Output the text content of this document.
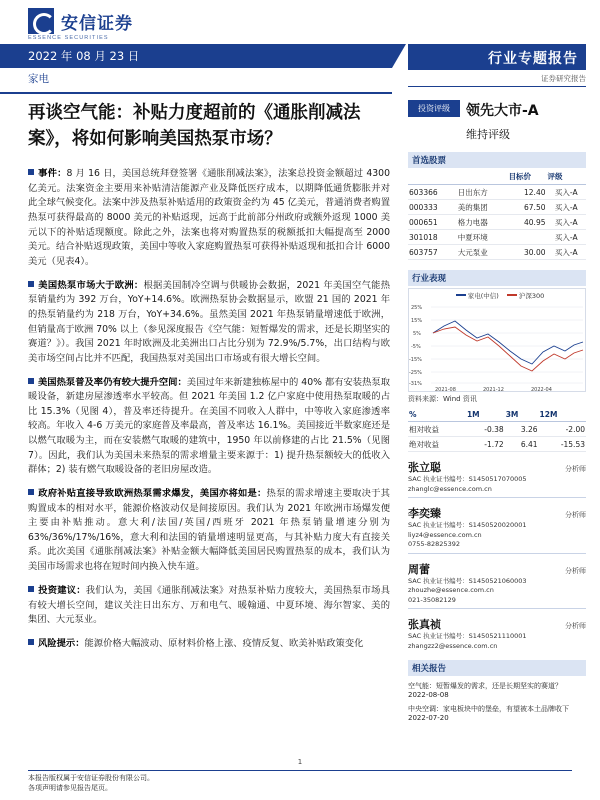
安信证券
ESSENCE SECURITIES
2022 年 08 月 23 日
家电
行业专题报告
证券研究报告
再谈空气能：补贴力度超前的《通胀削减法案》，将如何影响美国热泵市场？

事件：8 月 16 日，美国总统拜登签署《通胀削减法案》，法案总投资金额超过 4300 亿美元。法案资金主要用来补贴清洁能源产业及降低医疗成本，以期降低通货膨胀并对此全球气候变化。法案中涉及热泵补贴适用的政策资金约为 45 亿美元，普通消费者购置热泵可获得最高的 8000 美元的补贴返现，远高于此前部分州政府或额外返现 1000 美元以下的补贴适现额度。除此之外，法案也将对购置热泵的税额抵扣大幅提高至 2000 美元。结合补贴返现政策，美国中等收入家庭购置热泵可获得补贴返现和抵扣合计 6000 美元（见表4）。

美国热泵市场大于欧洲：根据美国制冷空调与供暖协会数据，2021 年美国空气能热泵销量约为 392 万台，YoY+14.6%。欧洲热泵协会数据显示，欧盟 21 国的 2021 年的热泵销量约为 218 万台，YoY+34.6%。虽然美国 2021 年热泵销量增速低于欧洲，但销量高于欧洲 70% 以上（参见深度报告《空气能：短暂爆发的需求，还是长期坚实的赛道？》）。我国 2021 年时欧洲及北美洲出口占比分别为 72.9%/5.7%，出口结构与欧美市场空间占比并不匹配，我国热泵对美国出口市场或有很大增长空间。

美国热泵普及率仍有较大提升空间：美国过年来新建独栋屋中的 40% 都有安装热泵取暖设备，新建房屋渗透率水平较高。但 2021 年美国 1.2 亿户家庭中使用热泵取暖的占比 15.3%（见图 4），普及率还待提升。在美国不同收入人群中，中等收入家庭渗透率较高。年收入 4-6 万美元的家庭普及率最高，普及率达 16.1%。美国接近半数家庭还是以燃气取暖为主，而在安装燃气取暖的建筑中，1950 年以前修建的占比 21.5%（见图 7）。因此，我们认为美国未来热泵的需求增量主要来源于：1) 提升热泵额较大的低收入群体；2) 装有燃气取暖设备的老旧房屋改造。

政府补贴直接导致欧洲热泵需求爆发，美国亦将如是：热泵的需求增速主要取决于其购置成本的相对水平，能源价格波动仅是间接原因。我们认为 2021 年欧洲市场爆发便主要由补贴推动。意大利/法国/英国/西班牙 2021 年热泵销量增速分别为 63%/36%/17%/16%，意大利和法国的销量增速明显更高，与其补贴力度大有直接关系。此次美国《通胀削减法案》补贴金额大幅降低美国居民购置热泵的成本，我们认为美国市场需求也将在短时间内换入快车道。

投资建议：我们认为，美国《通胀削减法案》对热泵补贴力度较大，美国热泵市场具有较大增长空间，建议关注日出东方、万和电气、暖翰通、中夏环境、海尔智家、美的集团、大元泵业。

风险提示：能源价格大幅波动、原材料价格上涨、疫情反复、欧美补贴政策变化

投资评级	领先大市-A
维持评级
首选股票
		目标价	评级
603366	日出东方	12.40	买入-A
000333	美的集团	67.50	买入-A
000651	格力电器	40.95	买入-A
301018	中夏环境		买入-A
603757	大元泵业	30.00	买入-A
行业表现
家电(中信)	沪深300
25%
15%
5%
-5%
-15%
-25%
-31%
2021-08	2021-12	2022-04
资料来源：Wind 资讯
%	1M	3M	12M
相对收益	-0.38	3.26	-2.00
绝对收益	-1.72	6.41	-15.53
张立聪	分析师
SAC 执业证书编号：S1450517070005
zhanglc@essence.com.cn
李奕臻	分析师
SAC 执业证书编号：S1450520020001
liyz4@essence.com.cn
0755-82825392
周蕾	分析师
SAC 执业证书编号：S1450521060003
zhouzhe@essence.com.cn
021-35082129
张真祯	分析师
SAC 执业证书编号：S1450521110001
zhangzz2@essence.com.cn
相关报告
空气能：短暂爆发的需求，还是长期坚实的赛道？
2022-08-08
中央空调：家电板块中的堡垒，有望被本土品牌收下
2022-07-20
1
本报告版权属于安信证券股份有限公司。
各项声明请参见报告尾页。
